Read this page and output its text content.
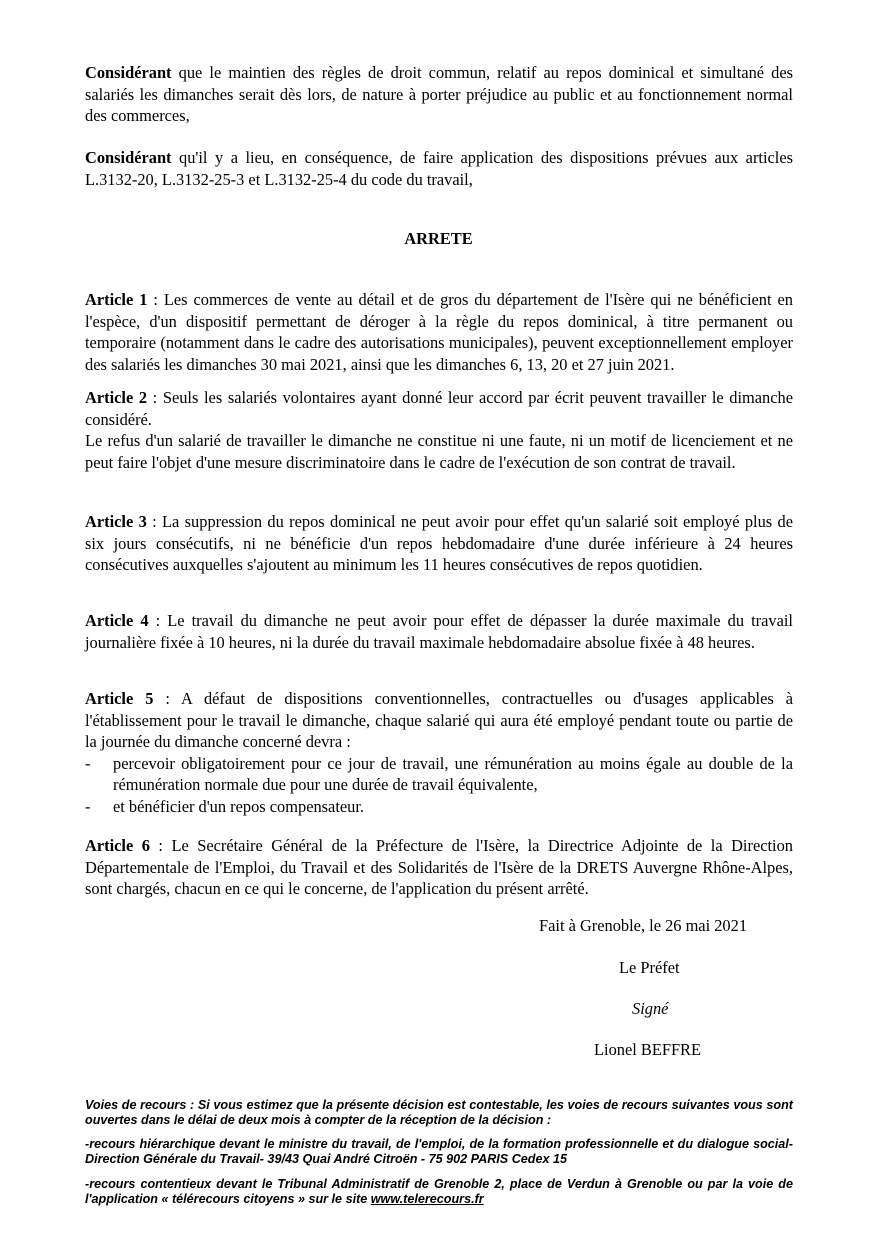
Considérant que le maintien des règles de droit commun, relatif au repos dominical et simultané des salariés les dimanches serait dès lors, de nature à porter préjudice au public et au fonctionnement normal des commerces,

Considérant qu'il y a lieu, en conséquence, de faire application des dispositions prévues aux articles L.3132-20, L.3132-25-3 et L.3132-25-4 du code du travail,

ARRETE

Article 1 : Les commerces de vente au détail et de gros du département de l'Isère qui ne bénéficient en l'espèce, d'un dispositif permettant de déroger à la règle du repos dominical, à titre permanent ou temporaire (notamment dans le cadre des autorisations municipales), peuvent exceptionnellement employer des salariés les dimanches 30 mai 2021, ainsi que les dimanches 6, 13, 20 et 27 juin 2021.

Article 2 : Seuls les salariés volontaires ayant donné leur accord par écrit peuvent travailler le dimanche considéré.
Le refus d'un salarié de travailler le dimanche ne constitue ni une faute, ni un motif de licenciement et ne peut faire l'objet d'une mesure discriminatoire dans le cadre de l'exécution de son contrat de travail.

Article 3 : La suppression du repos dominical ne peut avoir pour effet qu'un salarié soit employé plus de six jours consécutifs, ni ne bénéficie d'un repos hebdomadaire d'une durée inférieure à 24 heures consécutives auxquelles s'ajoutent au minimum les 11 heures consécutives de repos quotidien.

Article 4 : Le travail du dimanche ne peut avoir pour effet de dépasser la durée maximale du travail journalière fixée à 10 heures, ni la durée du travail maximale hebdomadaire absolue fixée à 48 heures.

Article 5 : A défaut de dispositions conventionnelles, contractuelles ou d'usages applicables à l'établissement pour le travail le dimanche, chaque salarié qui aura été employé pendant toute ou partie de la journée du dimanche concerné devra :
- percevoir obligatoirement pour ce jour de travail, une rémunération au moins égale au double de la rémunération normale due pour une durée de travail équivalente,
- et bénéficier d'un repos compensateur.

Article 6 : Le Secrétaire Général de la Préfecture de l'Isère, la Directrice Adjointe de la Direction Départementale de l'Emploi, du Travail et des Solidarités de l'Isère de la DRETS Auvergne Rhône-Alpes, sont chargés, chacun en ce qui le concerne, de l'application du présent arrêté.

Fait à Grenoble, le 26 mai 2021

Le Préfet

Signé

Lionel BEFFRE

Voies de recours : Si vous estimez que la présente décision est contestable, les voies de recours suivantes vous sont ouvertes dans le délai de deux mois à compter de la réception de la décision :

-recours hiérarchique devant le ministre du travail, de l'emploi, de la formation professionnelle et du dialogue social- Direction Générale du Travail- 39/43 Quai André Citroën - 75 902 PARIS Cedex 15

-recours contentieux devant le Tribunal Administratif de Grenoble 2, place de Verdun à Grenoble ou par la voie de l'application « télérecours citoyens » sur le site www.telerecours.fr
